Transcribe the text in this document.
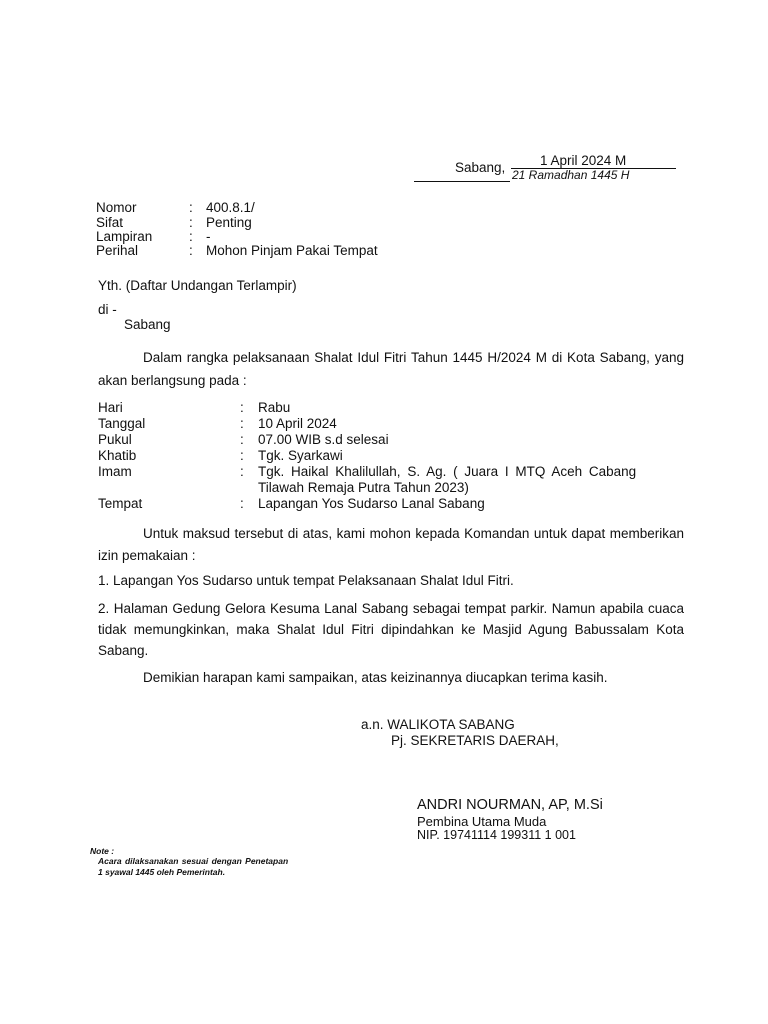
Sabang,	1 April 2024 M
21 Ramadhan 1445 H
Nomor	: 400.8.1/
Sifat	: Penting
Lampiran	: -
Perihal	: Mohon Pinjam Pakai Tempat
Yth. (Daftar Undangan Terlampir)
di -
Sabang
Dalam rangka pelaksanaan Shalat Idul Fitri Tahun 1445 H/2024 M di Kota Sabang, yang akan berlangsung pada :
Hari	: Rabu
Tanggal	: 10 April 2024
Pukul	: 07.00 WIB s.d selesai
Khatib	: Tgk. Syarkawi
Imam	: Tgk. Haikal Khalilullah, S. Ag. ( Juara I MTQ Aceh Cabang
Tilawah Remaja Putra Tahun 2023)
Tempat	: Lapangan Yos Sudarso Lanal Sabang
Untuk maksud tersebut di atas, kami mohon kepada Komandan untuk dapat memberikan izin pemakaian :
1. Lapangan Yos Sudarso untuk tempat Pelaksanaan Shalat Idul Fitri.
2. Halaman Gedung Gelora Kesuma Lanal Sabang sebagai tempat parkir. Namun apabila cuaca tidak memungkinkan, maka Shalat Idul Fitri dipindahkan ke Masjid Agung Babussalam Kota Sabang.
Demikian harapan kami sampaikan, atas keizinannya diucapkan terima kasih.
a.n. WALIKOTA SABANG
Pj. SEKRETARIS DAERAH,
ANDRI NOURMAN, AP, M.Si
Pembina Utama Muda
NIP. 19741114 199311 1 001
Note :
Acara dilaksanakan sesuai dengan Penetapan
1 syawal 1445 oleh Pemerintah.
